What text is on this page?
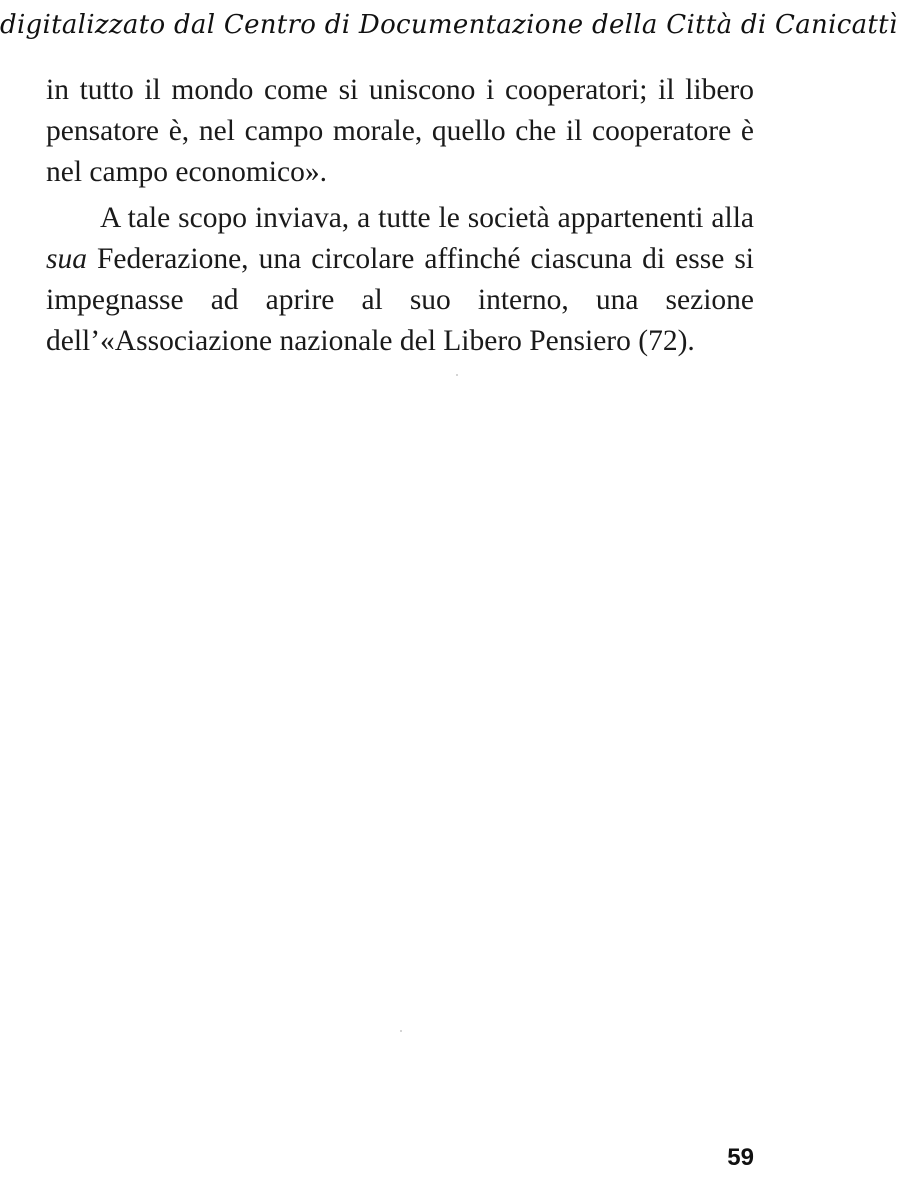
digitalizzato dal Centro di Documentazione della Città di Canicattì

in tutto il mondo come si uniscono i cooperatori; il libero pensatore è, nel campo morale, quello che il cooperatore è nel campo economico».

A tale scopo inviava, a tutte le società appartenenti alla sua Federazione, una circolare affinché ciascuna di esse si impegnasse ad aprire al suo interno, una sezione dell’«Associazione nazionale del Libero Pensiero (72).

59
